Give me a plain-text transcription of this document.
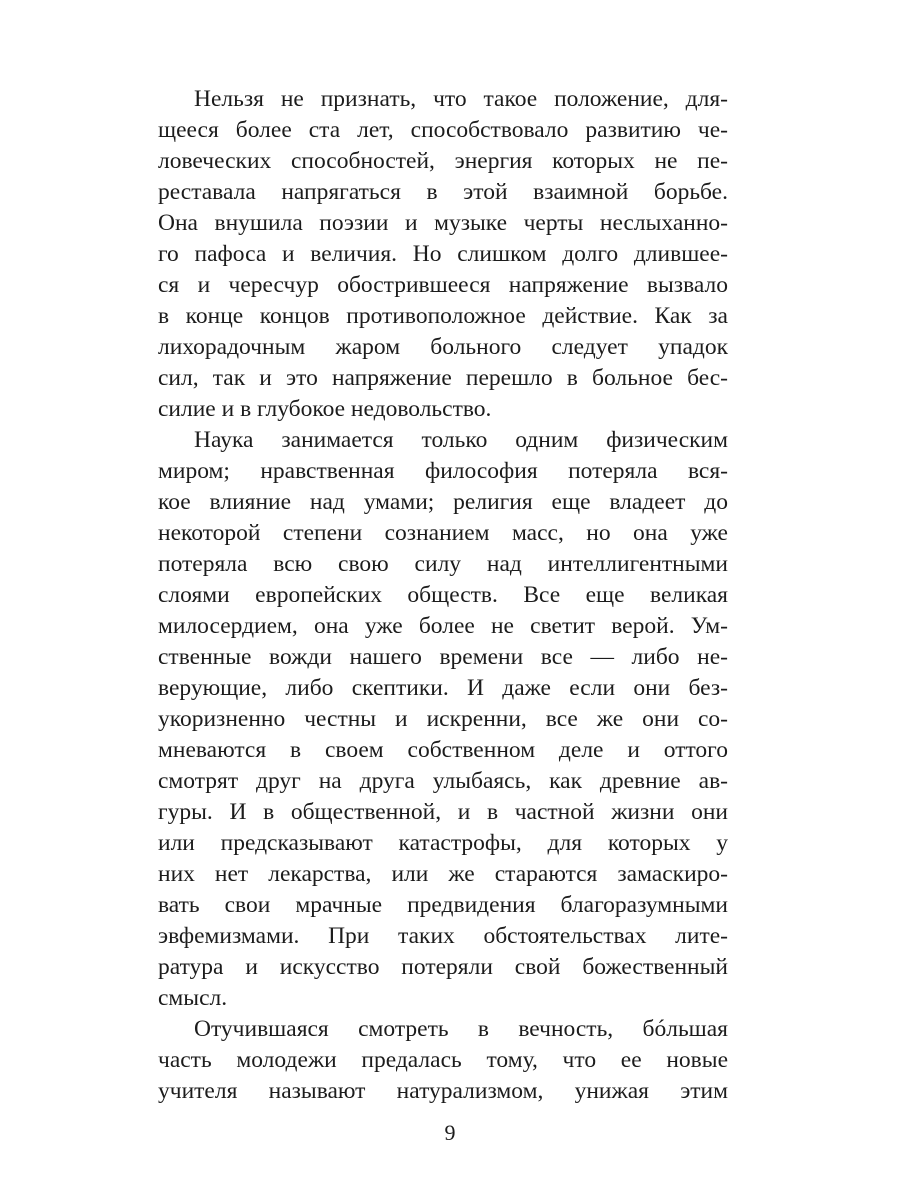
Нельзя не признать, что такое положение, для-
щееся более ста лет, способствовало развитию че-
ловеческих способностей, энергия которых не пе-
реставала напрягаться в этой взаимной борьбе.
Она внушила поэзии и музыке черты неслыханно-
го пафоса и величия. Но слишком долго длившее-
ся и чересчур обострившееся напряжение вызвало
в конце концов противоположное действие. Как за
лихорадочным жаром больного следует упадок
сил, так и это напряжение перешло в больное бес-
силие и в глубокое недовольство.
Наука занимается только одним физическим
миром; нравственная философия потеряла вся-
кое влияние над умами; религия еще владеет до
некоторой степени сознанием масс, но она уже
потеряла всю свою силу над интеллигентными
слоями европейских обществ. Все еще великая
милосердием, она уже более не светит верой. Ум-
ственные вожди нашего времени все — либо не-
верующие, либо скептики. И даже если они без-
укоризненно честны и искренни, все же они со-
мневаются в своем собственном деле и оттого
смотрят друг на друга улыбаясь, как древние ав-
гуры. И в общественной, и в частной жизни они
или предсказывают катастрофы, для которых у
них нет лекарства, или же стараются замаскиро-
вать свои мрачные предвидения благоразумными
эвфемизмами. При таких обстоятельствах лите-
ратура и искусство потеряли свой божественный
смысл.
Отучившаяся смотреть в вечность, бóльшая
часть молодежи предалась тому, что ее новые
учителя называют натурализмом, унижая этим
9
